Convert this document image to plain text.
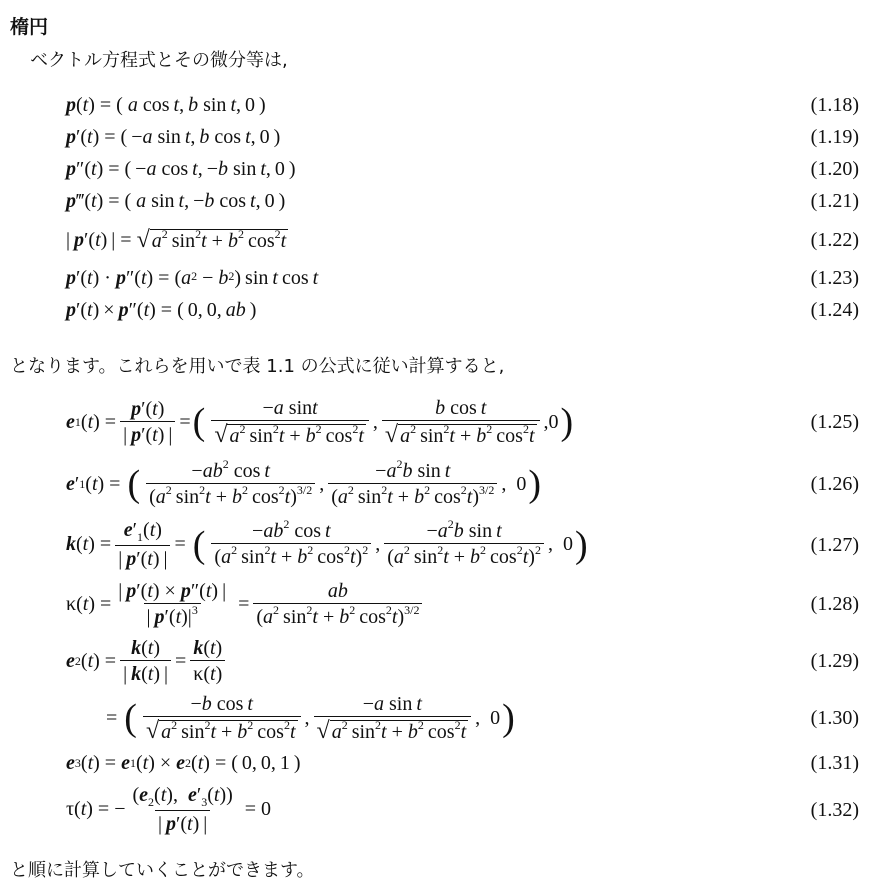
楕円
ベクトル方程式とその微分等は,
p ( t ) = ( a cos  t ,  b sin  t , 0 )	(1.18)
p ′( t ) = ( − a sin  t ,  b cos  t , 0 )	(1.19)
p ″( t ) = ( − a cos  t , − b sin  t , 0 )	(1.20)
p ‴( t ) = ( a sin  t , − b cos  t , 0 )	(1.21)
|  p ′( t ) | = √ $a^2$ $\sin^2t + b^2$ $\cos^2t$	(1.22)
p ′( t ) · p ″( t ) = ( $a^2 - b^2$ ) sin  t  cos  t	(1.23)
p ′( t ) ×  p ″( t ) = ( 0, 0,  ab  )	(1.24)
となります。これらを用いで表 1.1 の公式に従い計算すると,
e 1 ( t ) = $\frac{p'(t)}{| p'(t) |}$ = ( $\frac{\text{−a sint}}{√ a^2 \sin^2t + b^2 \cos^2t}$ , $\frac{\text{b cos t}}{√ a^2 \sin^2t + b^2 \cos^2t} ,0$ )	(1.25)
e ′ 1 ( t ) = ( $\frac{-ab^2 \cos t}{(a^2 \sin^2t + b^2 \cos^2t)^{3/2}}$ , $\frac{-a^2b \sin t}{(a^2 \sin^2t + b^2 \cos^2t)^{3/2}}$ ,  0 )	(1.26)
k ( t ) = $\frac{e'_1(t)}{| p'(t) |}$ = ( $\frac{-ab^2 \cos t}{(a^2 \sin^2t + b^2 \cos^2t)^2}$ , $\frac{-a^2b \sin t}{(a^2 \sin^2t + b^2 \cos^2t)^2}$ ,  0 )	(1.27)
κ( t ) = $\frac{| p'(t) \times p''(t) |}{| p'(t)|^3} = \frac{ab}{(a^2 \sin^2t + b^2 \cos^2t)^{3/2}}$	(1.28)
e 2 ( t ) = $\frac{k(t)}{| k(t) |} = \frac{k(t)}{\kappa(t)}$	(1.29)
= ( $\frac{\text{−b cos t}}{√ a^2 \sin^2t + b^2 \cos^2t}$ , $\frac{\text{−a sin t}}{√ a^2 \sin^2t + b^2 \cos^2t}$ ,  0 )	(1.30)
e 3 ( t ) = e 1 ( t ) × e 2 ( t ) = ( 0, 0, 1 )	(1.31)
τ( t ) = − $\frac{(e_2(t), e'_3(t))}{| p'(t) |} = 0$	(1.32)
と順に計算していくことができます。
